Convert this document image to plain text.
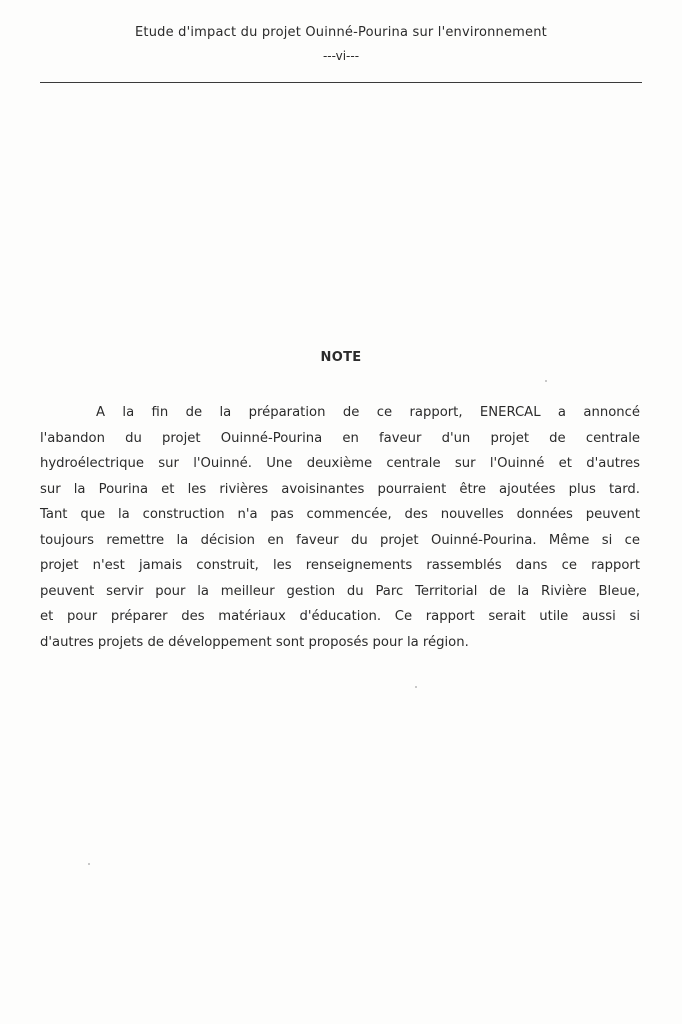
Etude d'impact du projet Ouinné-Pourina sur l'environnement
---vi---
NOTE
A la fin de la préparation de ce rapport, ENERCAL a annoncé
l'abandon du projet Ouinné-Pourina en faveur d'un projet de centrale
hydroélectrique sur l'Ouinné. Une deuxième centrale sur l'Ouinné et d'autres
sur la Pourina et les rivières avoisinantes pourraient être ajoutées plus tard.
Tant que la construction n'a pas commencée, des nouvelles données peuvent
toujours remettre la décision en faveur du projet Ouinné-Pourina. Même si ce
projet n'est jamais construit, les renseignements rassemblés dans ce rapport
peuvent servir pour la meilleur gestion du Parc Territorial de la Rivière Bleue,
et pour préparer des matériaux d'éducation. Ce rapport serait utile aussi si
d'autres projets de développement sont proposés pour la région.
